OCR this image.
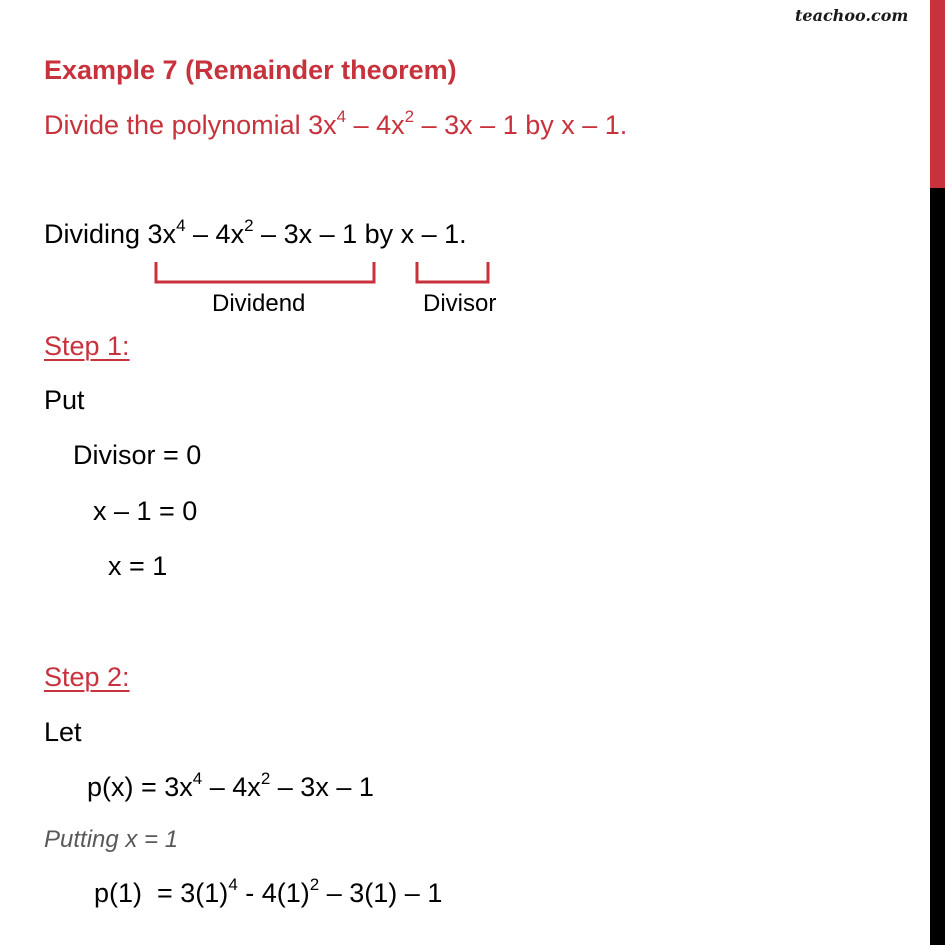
teachoo.com
Example 7 (Remainder theorem)
Divide the polynomial $3x^4 - 4x^2 - 3x - 1$ by x – 1.
Dividing $3x^4 - 4x^2 - 3x - 1$ by x – 1.
Dividend	Divisor
Step 1:
Put
Divisor = 0
x – 1 = 0
x = 1
Step 2:
Let
$p(x) = 3x^4 - 4x^2 - 3x - 1$
Putting x = 1
$p(1) = 3(1)^4 - 4(1)^2 - 3(1) - 1$
